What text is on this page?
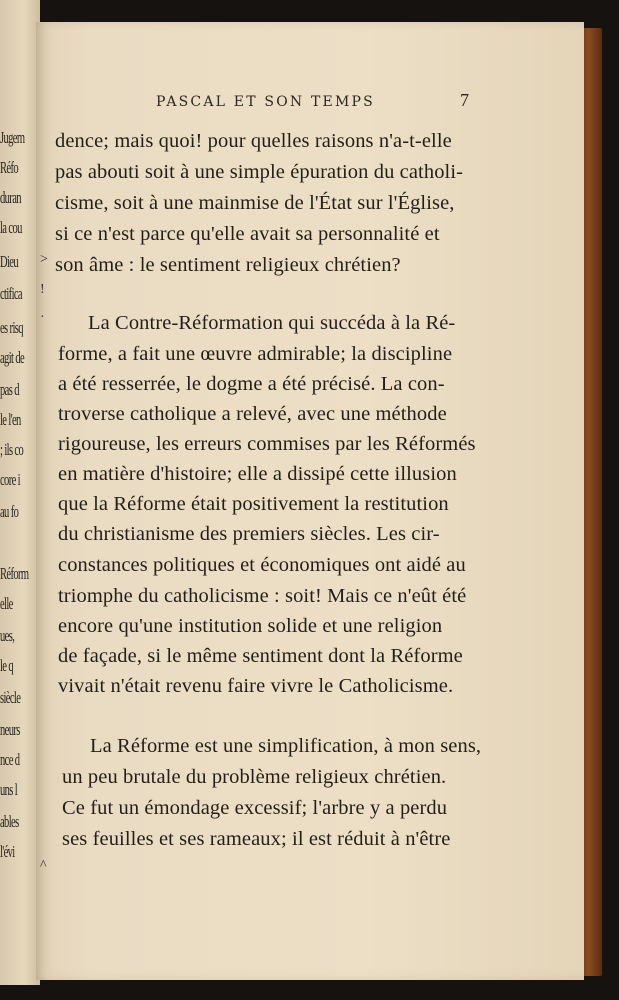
Jugem
Réfo
duran
la cou
Dieu
ctifica
es risq
agit de
pas d
le l'en
; ils co
core i
au fo
Réform
elle
ues,
le q
siècle
neurs
nce d
uns l
ables
l'évi
>
!
·
^
PASCAL ET SON TEMPS	7
dence; mais quoi! pour quelles raisons n'a-t-elle
pas abouti soit à une simple épuration du catholi-
cisme, soit à une mainmise de l'État sur l'Église,
si ce n'est parce qu'elle avait sa personnalité et
son âme : le sentiment religieux chrétien?
La Contre-Réformation qui succéda à la Ré-
forme, a fait une œuvre admirable; la discipline
a été resserrée, le dogme a été précisé. La con-
troverse catholique a relevé, avec une méthode
rigoureuse, les erreurs commises par les Réformés
en matière d'histoire; elle a dissipé cette illusion
que la Réforme était positivement la restitution
du christianisme des premiers siècles. Les cir-
constances politiques et économiques ont aidé au
triomphe du catholicisme : soit! Mais ce n'eût été
encore qu'une institution solide et une religion
de façade, si le même sentiment dont la Réforme
vivait n'était revenu faire vivre le Catholicisme.
La Réforme est une simplification, à mon sens,
un peu brutale du problème religieux chrétien.
Ce fut un émondage excessif; l'arbre y a perdu
ses feuilles et ses rameaux; il est réduit à n'être
